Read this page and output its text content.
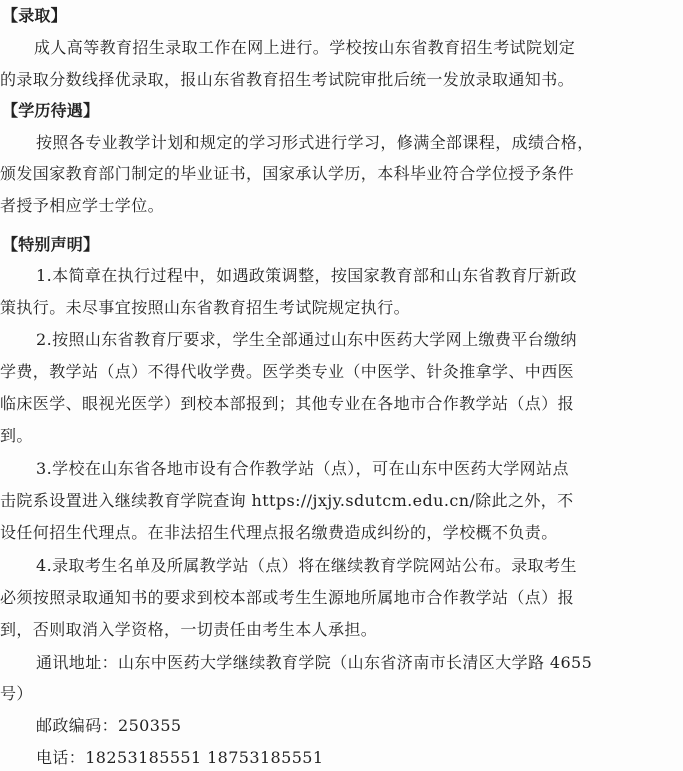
【录取】
成人高等教育招生录取工作在网上进行。学校按山东省教育招生考试院划定
的录取分数线择优录取，报山东省教育招生考试院审批后统一发放录取通知书。
【学历待遇】
按照各专业教学计划和规定的学习形式进行学习，修满全部课程，成绩合格，
颁发国家教育部门制定的毕业证书，国家承认学历，本科毕业符合学位授予条件
者授予相应学士学位。
【特别声明】
1.本简章在执行过程中，如遇政策调整，按国家教育部和山东省教育厅新政
策执行。未尽事宜按照山东省教育招生考试院规定执行。
2.按照山东省教育厅要求，学生全部通过山东中医药大学网上缴费平台缴纳
学费，教学站（点）不得代收学费。医学类专业（中医学、针灸推拿学、中西医
临床医学、眼视光医学）到校本部报到；其他专业在各地市合作教学站（点）报
到。
3.学校在山东省各地市设有合作教学站（点），可在山东中医药大学网站点
击院系设置进入继续教育学院查询 https://jxjy.sdutcm.edu.cn/除此之外，不
设任何招生代理点。在非法招生代理点报名缴费造成纠纷的，学校概不负责。
4.录取考生名单及所属教学站（点）将在继续教育学院网站公布。录取考生
必须按照录取通知书的要求到校本部或考生生源地所属地市合作教学站（点）报
到，否则取消入学资格，一切责任由考生本人承担。
通讯地址：山东中医药大学继续教育学院（山东省济南市长清区大学路 4655
号）
邮政编码：250355
电话：18253185551 18753185551
